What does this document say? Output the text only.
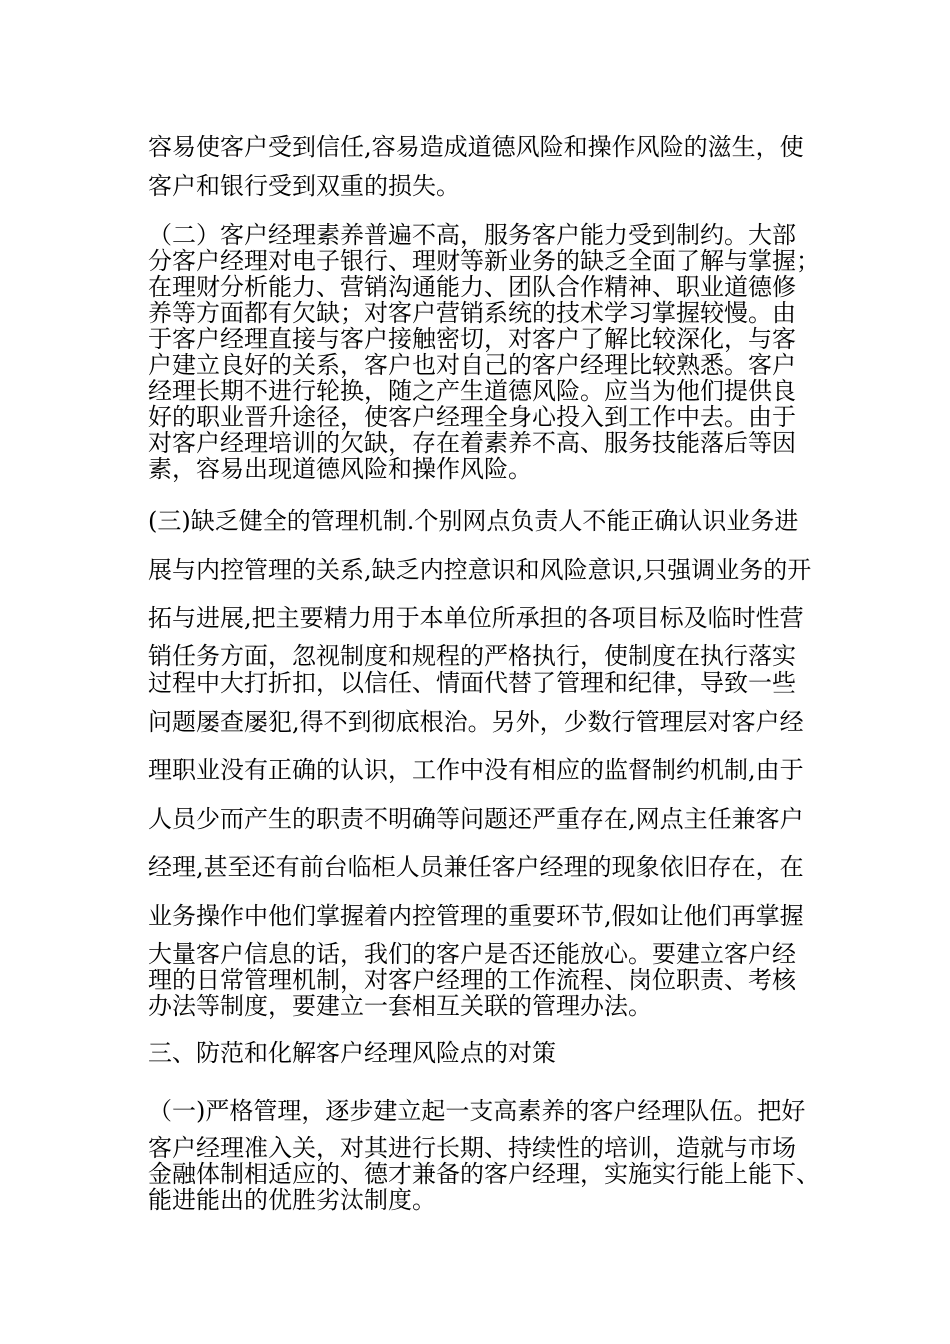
容易使客户受到信任,容易造成道德风险和操作风险的滋生，使

客户和银行受到双重的损失。

（二）客户经理素养普遍不高，服务客户能力受到制约。大部

分客户经理对电子银行、理财等新业务的缺乏全面了解与掌握；

在理财分析能力、营销沟通能力、团队合作精神、职业道德修

养等方面都有欠缺；对客户营销系统的技术学习掌握较慢。由

于客户经理直接与客户接触密切，对客户了解比较深化，与客

户建立良好的关系，客户也对自己的客户经理比较熟悉。客户

经理长期不进行轮换，随之产生道德风险。应当为他们提供良

好的职业晋升途径，使客户经理全身心投入到工作中去。由于

对客户经理培训的欠缺，存在着素养不高、服务技能落后等因

素，容易出现道德风险和操作风险。

(三)缺乏健全的管理机制.个别网点负责人不能正确认识业务进

展与内控管理的关系,缺乏内控意识和风险意识,只强调业务的开

拓与进展,把主要精力用于本单位所承担的各项目标及临时性营

销任务方面，忽视制度和规程的严格执行，使制度在执行落实

过程中大打折扣，以信任、情面代替了管理和纪律，导致一些

问题屡查屡犯,得不到彻底根治。另外，少数行管理层对客户经

理职业没有正确的认识，工作中没有相应的监督制约机制,由于

人员少而产生的职责不明确等问题还严重存在,网点主任兼客户

经理,甚至还有前台临柜人员兼任客户经理的现象依旧存在，在

业务操作中他们掌握着内控管理的重要环节,假如让他们再掌握

大量客户信息的话，我们的客户是否还能放心。要建立客户经

理的日常管理机制，对客户经理的工作流程、岗位职责、考核

办法等制度，要建立一套相互关联的管理办法。

三、防范和化解客户经理风险点的对策

（一)严格管理，逐步建立起一支高素养的客户经理队伍。把好

客户经理准入关，对其进行长期、持续性的培训，造就与市场

金融体制相适应的、德才兼备的客户经理，实施实行能上能下、

能进能出的优胜劣汰制度。
